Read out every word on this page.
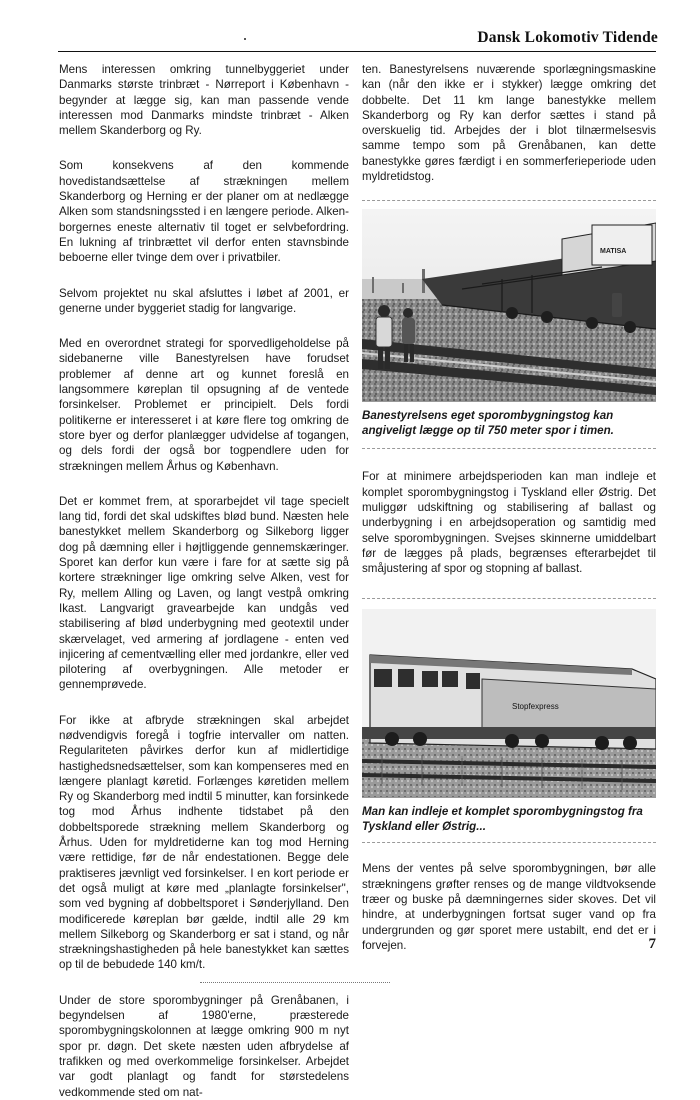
Dansk Lokomotiv Tidende

Mens interessen omkring tunnelbyggeriet under Danmarks største trinbræt - Nørreport i København - begynder at lægge sig, kan man passende vende interessen mod Danmarks mindste trinbræt - Alken mellem Skanderborg og Ry.

Som konsekvens af den kommende hovedistandsættelse af strækningen mellem Skanderborg og Herning er der planer om at nedlægge Alken som standsningssted i en længere periode. Alken-borgernes eneste alternativ til toget er selvbefordring. En lukning af trinbrættet vil derfor enten stavnsbinde beboerne eller tvinge dem over i privatbiler.

Selvom projektet nu skal afsluttes i løbet af 2001, er generne under byggeriet stadig for langvarige.

Med en overordnet strategi for sporvedligeholdelse på sidebanerne ville Banestyrelsen have forudset problemer af denne art og kunnet foreslå en langsommere køreplan til opsugning af de ventede forsinkelser. Problemet er principielt. Dels fordi politikerne er interesseret i at køre flere tog omkring de store byer og derfor planlægger udvidelse af togangen, og dels fordi der også bor togpendlere uden for strækningen mellem Århus og København.

Det er kommet frem, at sporarbejdet vil tage specielt lang tid, fordi det skal udskiftes blød bund. Næsten hele banestykket mellem Skanderborg og Silkeborg ligger dog på dæmning eller i højtliggende gennemskæringer. Sporet kan derfor kun være i fare for at sætte sig på kortere strækninger lige omkring selve Alken, vest for Ry, mellem Alling og Laven, og langt vestpå omkring Ikast. Langvarigt gravearbejde kan undgås ved stabilisering af blød underbygning med geotextil under skærvelaget, ved armering af jordlagene - enten ved injicering af cementvælling eller med jordankre, eller ved pilotering af overbygningen. Alle metoder er gennemprøvede.

For ikke at afbryde strækningen skal arbejdet nødvendigvis foregå i togfrie intervaller om natten. Regulariteten påvirkes derfor kun af midlertidige hastighedsnedsættelser, som kan kompenseres med en længere planlagt køretid. Forlænges køretiden mellem Ry og Skanderborg med indtil 5 minutter, kan forsinkede tog mod Århus indhente tidstabet på den dobbeltsporede strækning mellem Skanderborg og Århus. Uden for myldretiderne kan tog mod Herning være rettidige, før de når endestationen. Begge dele praktiseres jævnligt ved forsinkelser. I en kort periode er det også muligt at køre med „planlagte forsinkelser", som ved bygning af dobbeltsporet i Sønderjylland. Den modificerede køreplan bør gælde, indtil alle 29 km mellem Silkeborg og Skanderborg er sat i stand, og når strækningshastigheden på hele banestykket kan sættes op til de bebudede 140 km/t.

Under de store sporombygninger på Grenåbanen, i begyndelsen af 1980'erne, præsterede sporombygningskolonnen at lægge omkring 900 m nyt spor pr. døgn. Det skete næsten uden afbrydelse af trafikken og med overkommelige forsinkelser. Arbejdet var godt planlagt og fandt for størstedelens vedkommende sted om nat-

ten. Banestyrelsens nuværende sporlægningsmaskine kan (når den ikke er i stykker) lægge omkring det dobbelte. Det 11 km lange banestykke mellem Skanderborg og Ry kan derfor sættes i stand på overskuelig tid. Arbejdes der i blot tilnærmelsesvis samme tempo som på Grenåbanen, kan dette banestykke gøres færdigt i en sommerferieperiode uden myldretidstog.

MATISA

Banestyrelsens eget sporombygningstog kan angiveligt lægge op til 750 meter spor i timen.

For at minimere arbejdsperioden kan man indleje et komplet sporombygningstog i Tyskland eller Østrig. Det muliggør udskiftning og stabilisering af ballast og underbygning i en arbejdsoperation og samtidig med selve sporombygningen. Svejses skinnerne umiddelbart før de lægges på plads, begrænses efterarbejdet til småjustering af spor og stopning af ballast.

Stopfexpress

Man kan indleje et komplet sporombygningstog fra Tyskland eller Østrig...

Mens der ventes på selve sporombygningen, bør alle strækningens grøfter renses og de mange vildtvoksende træer og buske på dæmningernes sider skoves. Det vil hindre, at underbygningen fortsat suger vand op fra undergrunden og gør sporet mere ustabilt, end det er i forvejen.	7
